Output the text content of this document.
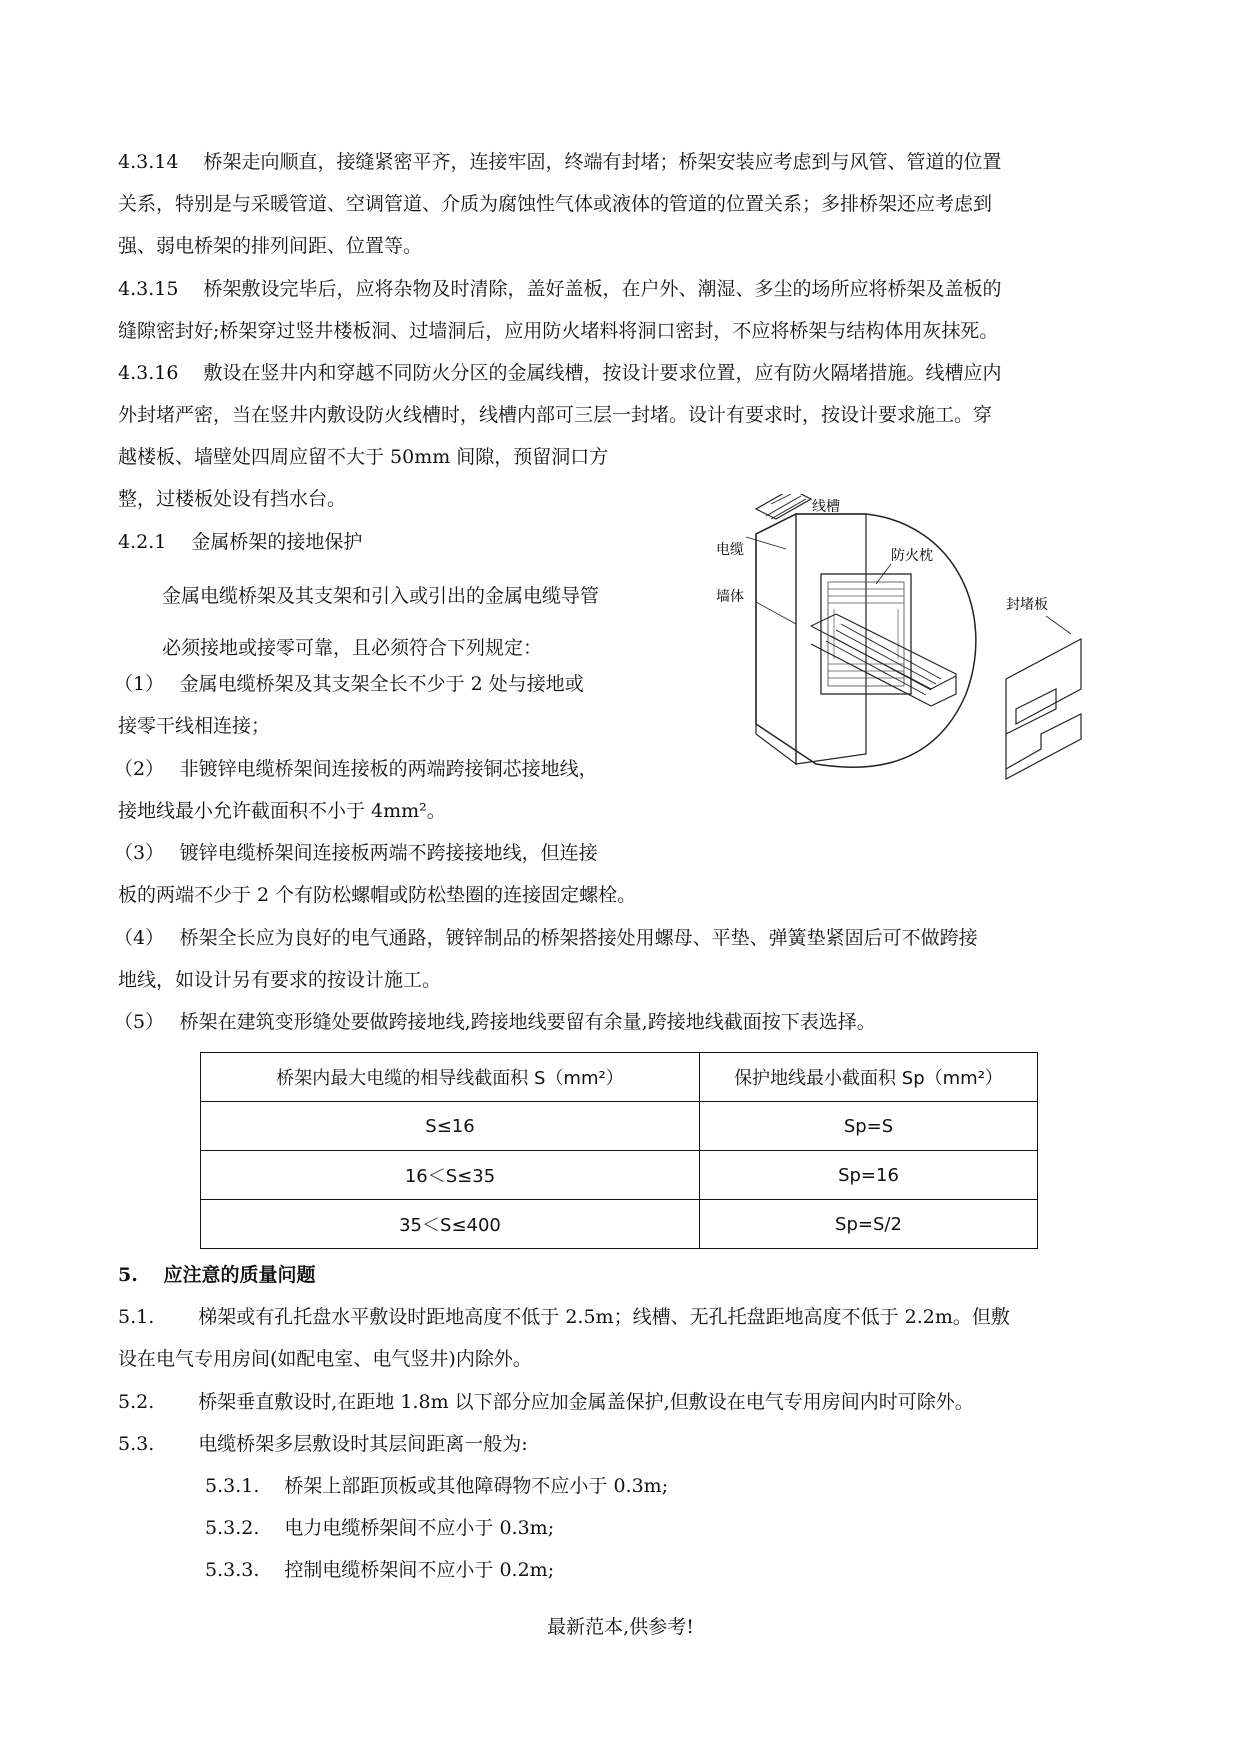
4.3.14　 桥架走向顺直，接缝紧密平齐，连接牢固，终端有封堵；桥架安装应考虑到与风管、管道的位置
关系，特别是与采暖管道、空调管道、介质为腐蚀性气体或液体的管道的位置关系；多排桥架还应考虑到
强、弱电桥架的排列间距、位置等。
4.3.15　 桥架敷设完毕后，应将杂物及时清除，盖好盖板，在户外、潮湿、多尘的场所应将桥架及盖板的
缝隙密封好;桥架穿过竖井楼板洞、过墙洞后，应用防火堵料将洞口密封，不应将桥架与结构体用灰抹死。
4.3.16　 敷设在竖井内和穿越不同防火分区的金属线槽，按设计要求位置，应有防火隔堵措施。线槽应内
外封堵严密，当在竖井内敷设防火线槽时，线槽内部可三层一封堵。设计有要求时，按设计要求施工。穿
越楼板、墙壁处四周应留不大于 50mm 间隙，预留洞口方
整，过楼板处设有挡水台。
4.2.1　 金属桥架的接地保护
金属电缆桥架及其支架和引入或引出的金属电缆导管
必须接地或接零可靠，且必须符合下列规定：
（1）　 金属电缆桥架及其支架全长不少于 2 处与接地或
接零干线相连接；
（2）　 非镀锌电缆桥架间连接板的两端跨接铜芯接地线，
接地线最小允许截面积不小于 4mm²。
（3）　 镀锌电缆桥架间连接板两端不跨接接地线，但连接
板的两端不少于 2 个有防松螺帽或防松垫圈的连接固定螺栓。
（4）　 桥架全长应为良好的电气通路，镀锌制品的桥架搭接处用螺母、平垫、弹簧垫紧固后可不做跨接
地线，如设计另有要求的按设计施工。
（5）　 桥架在建筑变形缝处要做跨接地线,跨接地线要留有余量,跨接地线截面按下表选择。
线槽
电缆	防火枕
墙体	封堵板
桥架内最大电缆的相导线截面积 S（mm²）	保护地线最小截面积 Sp（mm²）
S≤16	Sp=S
16＜S≤35	Sp=16
35＜S≤400	Sp=S/2
5.　 应注意的质量问题
5.1.　　 梯架或有孔托盘水平敷设时距地高度不低于 2.5m；线槽、无孔托盘距地高度不低于 2.2m。但敷
设在电气专用房间(如配电室、电气竖井)内除外。
5.2.　　 桥架垂直敷设时,在距地 1.8m 以下部分应加金属盖保护,但敷设在电气专用房间内时可除外。
5.3.　　 电缆桥架多层敷设时其层间距离一般为:
5.3.1.　 桥架上部距顶板或其他障碍物不应小于 0.3m;
5.3.2.　 电力电缆桥架间不应小于 0.3m;
5.3.3.　 控制电缆桥架间不应小于 0.2m;
最新范本,供参考!
